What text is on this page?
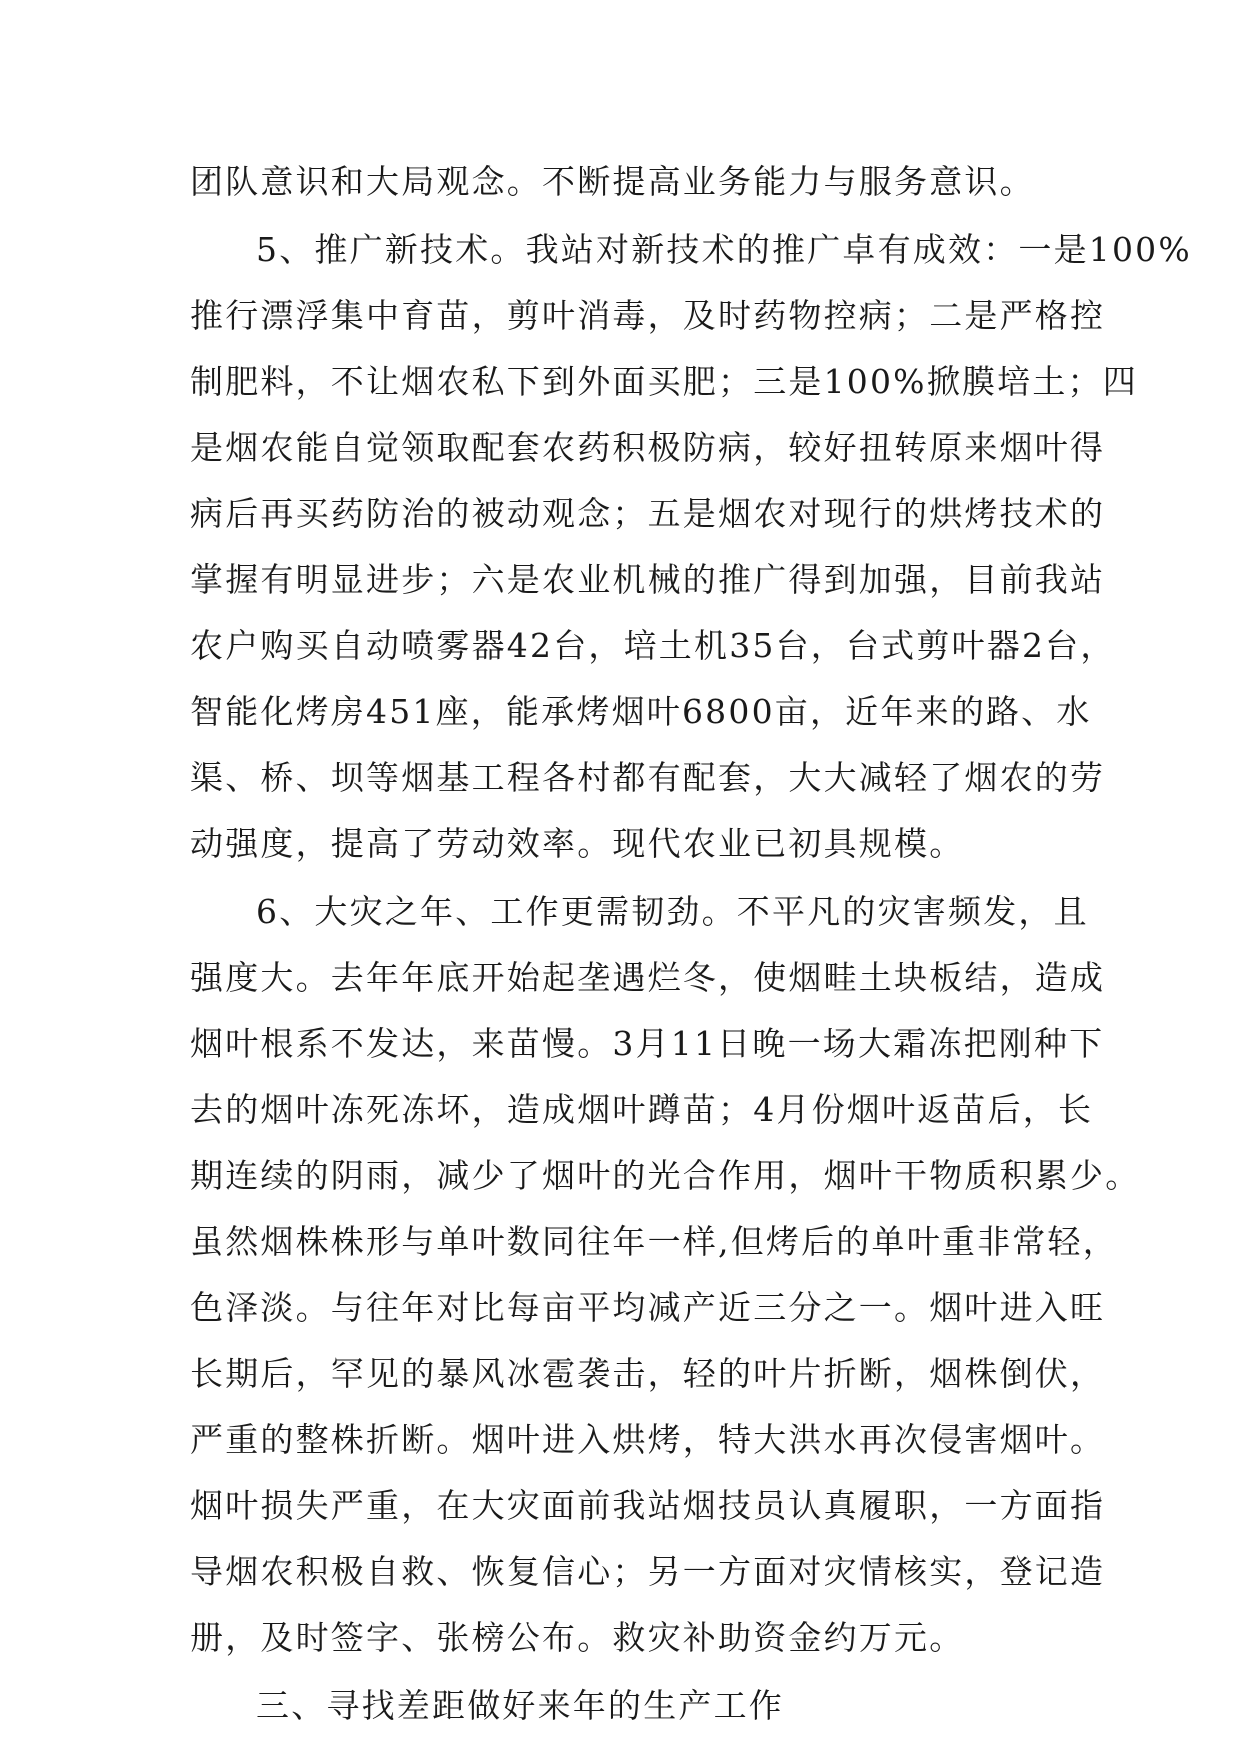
团队意识和大局观念。不断提高业务能力与服务意识。
5、推广新技术。我站对新技术的推广卓有成效：一是100%
推行漂浮集中育苗，剪叶消毒，及时药物控病；二是严格控
制肥料，不让烟农私下到外面买肥；三是100%掀膜培土；四
是烟农能自觉领取配套农药积极防病，较好扭转原来烟叶得
病后再买药防治的被动观念；五是烟农对现行的烘烤技术的
掌握有明显进步；六是农业机械的推广得到加强，目前我站
农户购买自动喷雾器42台，培土机35台，台式剪叶器2台，
智能化烤房451座，能承烤烟叶6800亩，近年来的路、水
渠、桥、坝等烟基工程各村都有配套，大大减轻了烟农的劳
动强度，提高了劳动效率。现代农业已初具规模。
6、大灾之年、工作更需韧劲。不平凡的灾害频发，且
强度大。去年年底开始起垄遇烂冬，使烟畦土块板结，造成
烟叶根系不发达，来苗慢。3月11日晚一场大霜冻把刚种下
去的烟叶冻死冻坏，造成烟叶蹲苗；4月份烟叶返苗后，长
期连续的阴雨，减少了烟叶的光合作用，烟叶干物质积累少。
虽然烟株株形与单叶数同往年一样,但烤后的单叶重非常轻，
色泽淡。与往年对比每亩平均减产近三分之一。烟叶进入旺
长期后，罕见的暴风冰雹袭击，轻的叶片折断，烟株倒伏，
严重的整株折断。烟叶进入烘烤，特大洪水再次侵害烟叶。
烟叶损失严重，在大灾面前我站烟技员认真履职，一方面指
导烟农积极自救、恢复信心；另一方面对灾情核实，登记造
册，及时签字、张榜公布。救灾补助资金约万元。
三、寻找差距做好来年的生产工作
